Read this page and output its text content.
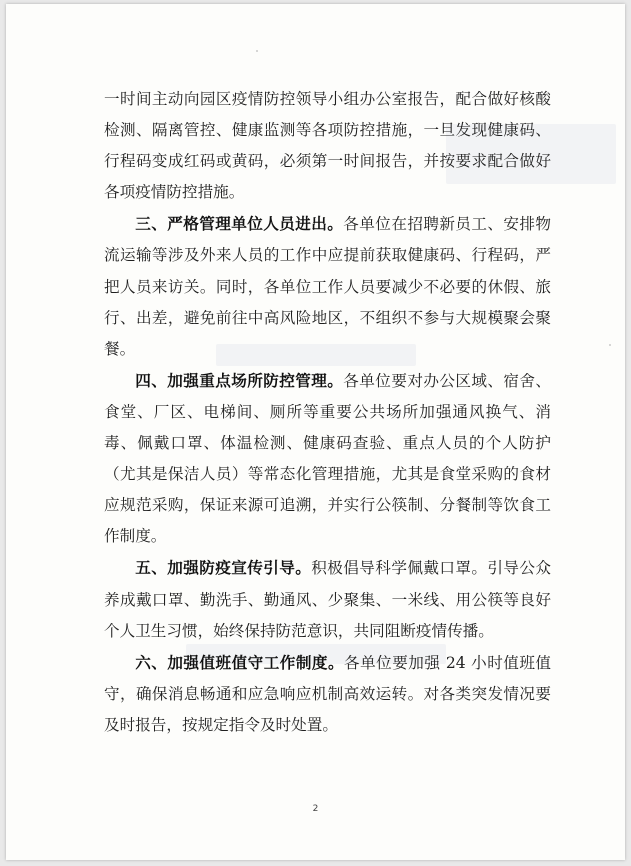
一时间主动向园区疫情防控领导小组办公室报告，配合做好核酸检测、隔离管控、健康监测等各项防控措施，一旦发现健康码、行程码变成红码或黄码，必须第一时间报告，并按要求配合做好各项疫情防控措施。

三、严格管理单位人员进出。各单位在招聘新员工、安排物流运输等涉及外来人员的工作中应提前获取健康码、行程码，严把人员来访关。同时，各单位工作人员要减少不必要的休假、旅行、出差，避免前往中高风险地区，不组织不参与大规模聚会聚餐。

四、加强重点场所防控管理。各单位要对办公区域、宿舍、食堂、厂区、电梯间、厕所等重要公共场所加强通风换气、消毒、佩戴口罩、体温检测、健康码查验、重点人员的个人防护（尤其是保洁人员）等常态化管理措施，尤其是食堂采购的食材应规范采购，保证来源可追溯，并实行公筷制、分餐制等饮食工作制度。

五、加强防疫宣传引导。积极倡导科学佩戴口罩。引导公众养成戴口罩、勤洗手、勤通风、少聚集、一米线、用公筷等良好个人卫生习惯，始终保持防范意识，共同阻断疫情传播。

六、加强值班值守工作制度。各单位要加强 24 小时值班值守，确保消息畅通和应急响应机制高效运转。对各类突发情况要及时报告，按规定指令及时处置。

2
